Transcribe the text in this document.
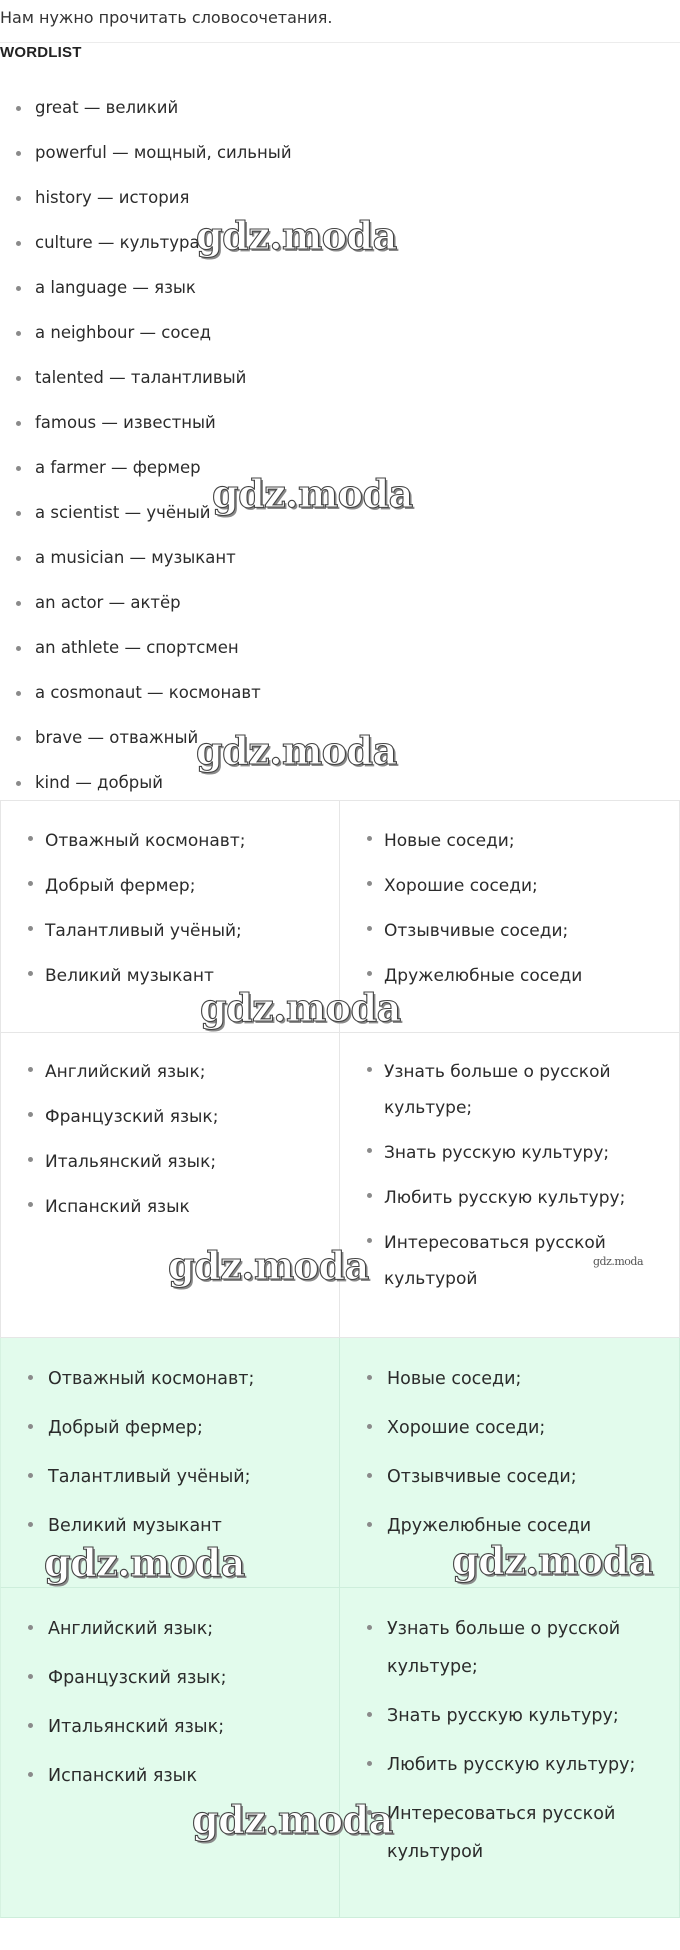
Нам нужно прочитать словосочетания.
WORDLIST
great — великий
powerful — мощный, сильный
history — история
culture — культура
a language — язык
a neighbour — сосед
talented — талантливый
famous — известный
a farmer — фермер
a scientist — учёный
a musician — музыкант
an actor — актёр
an athlete — спортсмен
a cosmonaut — космонавт
brave — отважный
kind — добрый
Отважный космонавт;
Добрый фермер;
Талантливый учёный;
Великий музыкант
Новые соседи;
Хорошие соседи;
Отзывчивые соседи;
Дружелюбные соседи
Английский язык;
Французский язык;
Итальянский язык;
Испанский язык
Узнать больше о русской культуре;
Знать русскую культуру;
Любить русскую культуру;
Интересоваться русской культурой
Отважный космонавт;
Добрый фермер;
Талантливый учёный;
Великий музыкант
Новые соседи;
Хорошие соседи;
Отзывчивые соседи;
Дружелюбные соседи
Английский язык;
Французский язык;
Итальянский язык;
Испанский язык
Узнать больше о русской культуре;
Знать русскую культуру;
Любить русскую культуру;
Интересоваться русской культурой
gdz.moda
gdz.moda
gdz.moda
gdz.moda
gdz.moda	gdz.moda
gdz.moda	gdz.moda
gdz.moda
